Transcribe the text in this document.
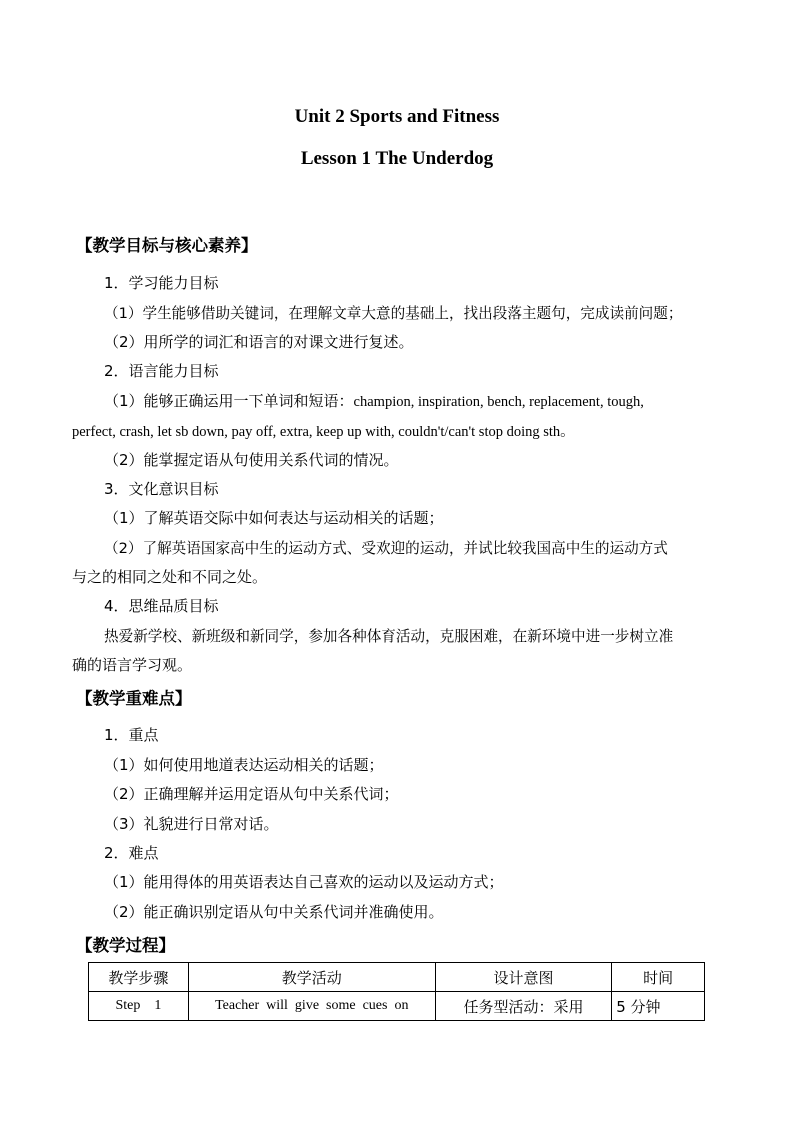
Unit 2 Sports and Fitness
Lesson 1 The Underdog
【教学目标与核心素养】
1．学习能力目标
（1）学生能够借助关键词，在理解文章大意的基础上，找出段落主题句，完成读前问题；
（2）用所学的词汇和语言的对课文进行复述。
2．语言能力目标
（1）能够正确运用一下单词和短语：champion, inspiration, bench, replacement, tough,
perfect, crash, let sb down, pay off, extra, keep up with, couldn't/can't stop doing sth。
（2）能掌握定语从句使用关系代词的情况。
3．文化意识目标
（1）了解英语交际中如何表达与运动相关的话题；
（2）了解英语国家高中生的运动方式、受欢迎的运动，并试比较我国高中生的运动方式
与之的相同之处和不同之处。
4．思维品质目标
热爱新学校、新班级和新同学，参加各种体育活动，克服困难，在新环境中进一步树立准
确的语言学习观。
【教学重难点】
1．重点
（1）如何使用地道表达运动相关的话题；
（2）正确理解并运用定语从句中关系代词；
（3）礼貌进行日常对话。
2．难点
（1）能用得体的用英语表达自己喜欢的运动以及运动方式；
（2）能正确识别定语从句中关系代词并准确使用。
【教学过程】
教学步骤	教学活动	设计意图	时间
Step    1	Teacher  will  give  some  cues  on	任务型活动：采用	5 分钟
